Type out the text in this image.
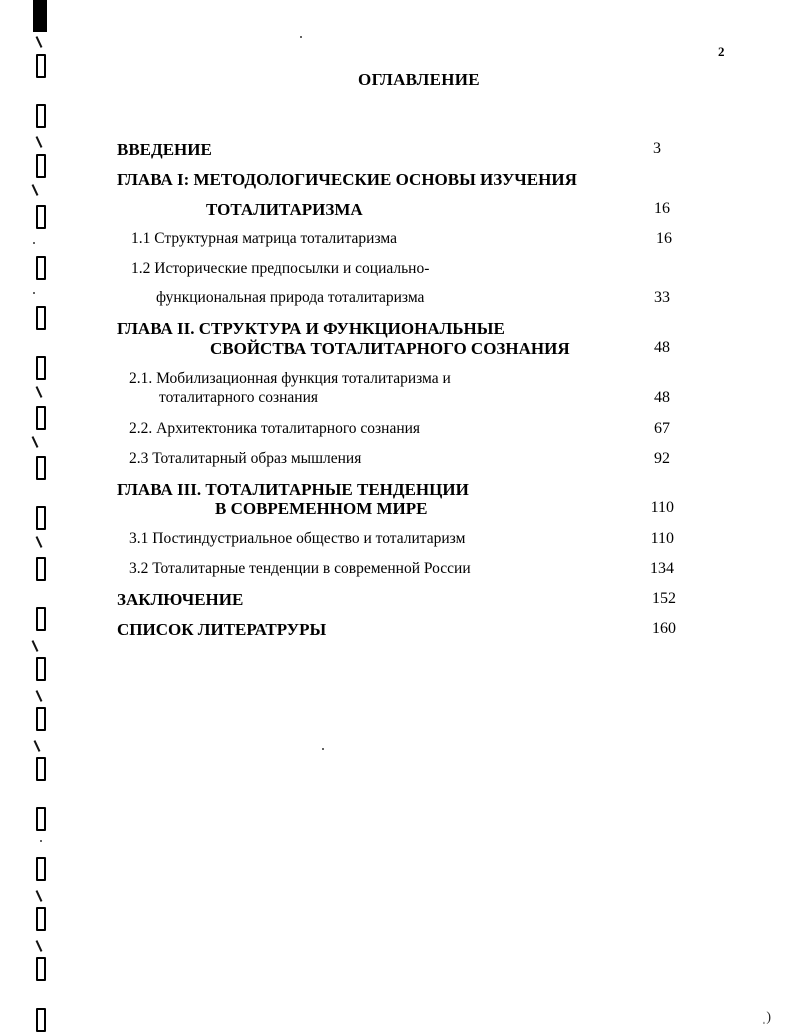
2
ОГЛАВЛЕНИЕ
ВВЕДЕНИЕ	3
ГЛАВА I: МЕТОДОЛОГИЧЕСКИЕ ОСНОВЫ ИЗУЧЕНИЯ
ТОТАЛИТАРИЗМА	16
1.1 Структурная матрица тоталитаризма	16
1.2 Исторические предпосылки и социально-
функциональная природа тоталитаризма	33
ГЛАВА II. СТРУКТУРА И ФУНКЦИОНАЛЬНЫЕ
СВОЙСТВА ТОТАЛИТАРНОГО СОЗНАНИЯ	48
2.1. Мобилизационная функция тоталитаризма и
тоталитарного сознания	48
2.2. Архитектоника тоталитарного сознания	67
2.3 Тоталитарный образ мышления	92
ГЛАВА III. ТОТАЛИТАРНЫЕ ТЕНДЕНЦИИ
В СОВРЕМЕННОМ МИРЕ	110
3.1 Постиндустриальное общество и тоталитаризм	110
3.2 Тоталитарные тенденции в современной России	134
ЗАКЛЮЧЕНИЕ	152
СПИСОК ЛИТЕРАТРУРЫ	160
ˌ)
